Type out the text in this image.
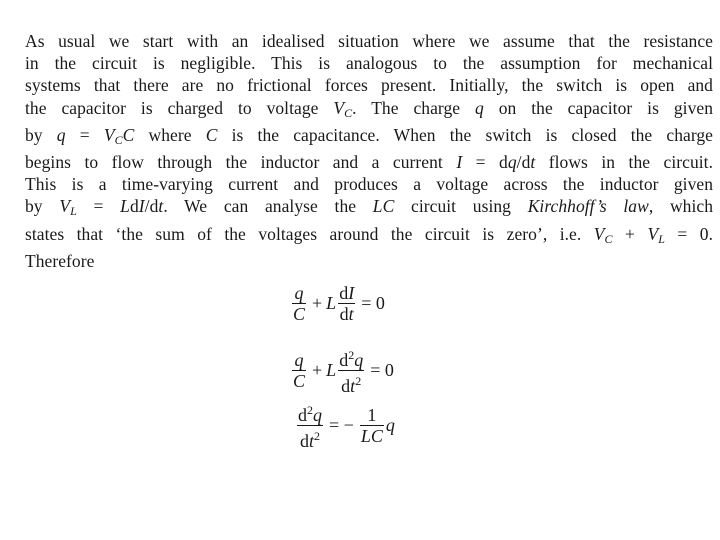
As usual we start with an idealised situation where we assume that the resistance
in the circuit is negligible. This is analogous to the assumption for mechanical
systems that there are no frictional forces present. Initially, the switch is open and
the capacitor is charged to voltage $V_C$. The charge q on the capacitor is given
by $q = V_CC$ where C is the capacitance. When the switch is closed the charge
begins to flow through the inductor and a current I = dq/dt flows in the circuit.
This is a time-varying current and produces a voltage across the inductor given
by $V_L = LdI/dt$. We can analyse the LC circuit using Kirchhoff’s law, which
states that ‘the sum of the voltages around the circuit is zero’, i.e. $V_C + V_L = 0$.
Therefore

$\frac{q}{C} + L \frac{dI}{dt} = 0$
$\frac{q}{C} + L \frac{d^2q}{dt^2} = 0$
$\frac{d^2q}{dt^2}$ = − $\frac{1}{LC}$ q
